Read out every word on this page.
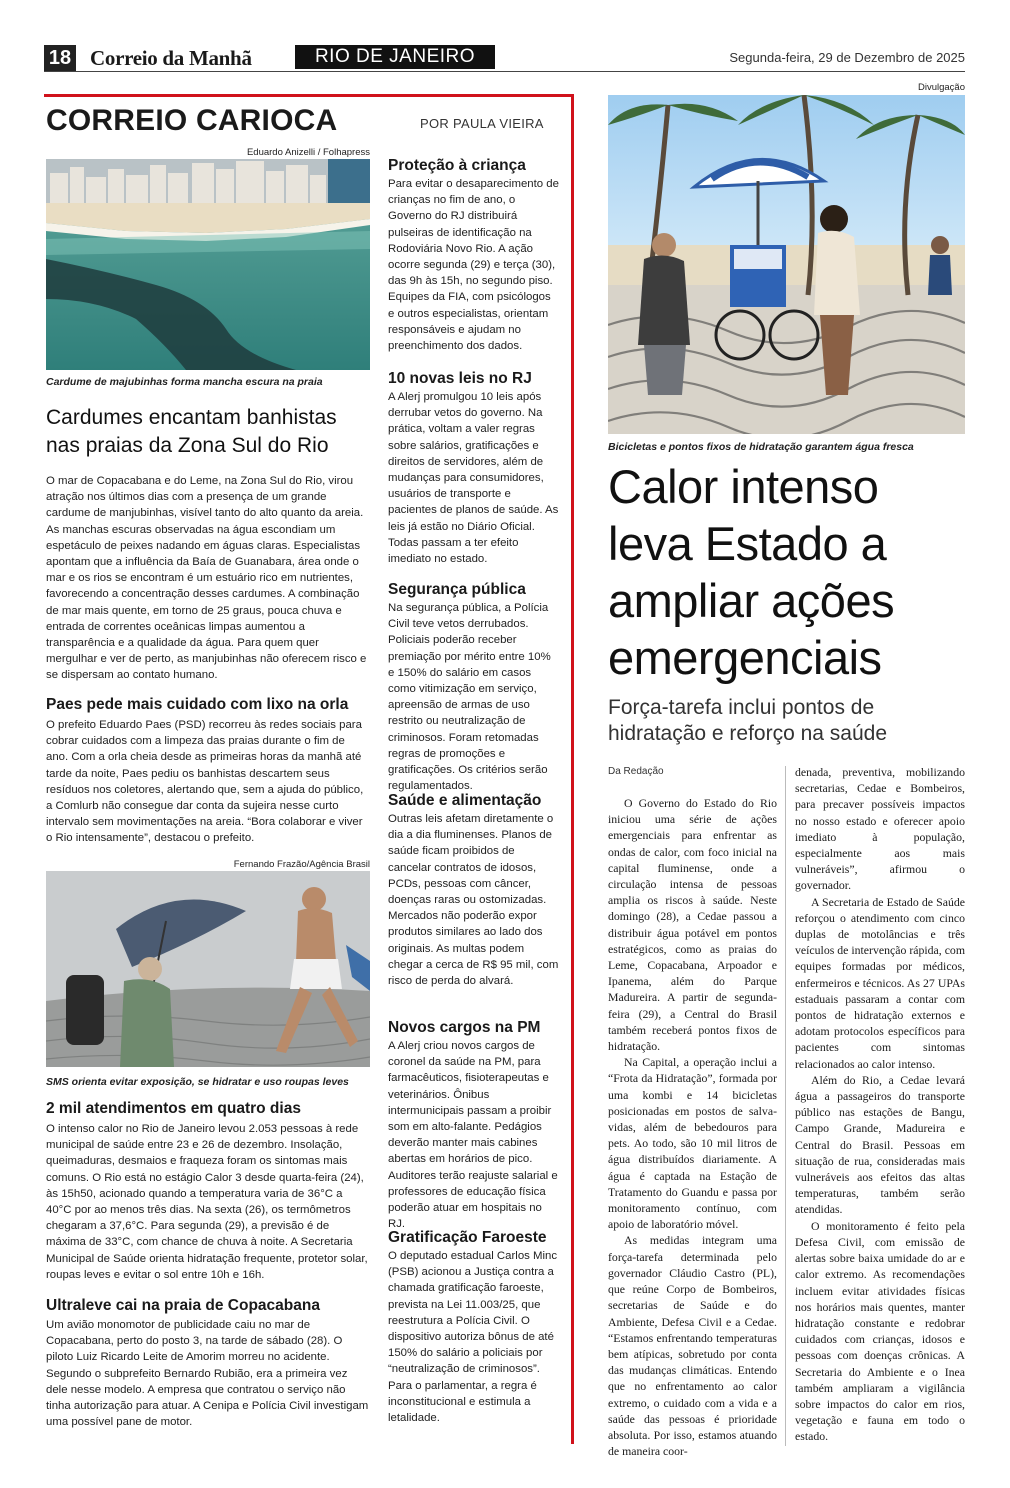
18 Correio da Manhã	RIO DE JANEIRO	Segunda-feira, 29 de Dezembro de 2025
CORREIO CARIOCA	POR PAULA VIEIRA
Eduardo Anizelli / Folhapress
Cardume de majubinhas forma mancha escura na praia
Cardumes encantam banhistas
nas praias da Zona Sul do Rio
O mar de Copacabana e do Leme, na Zona Sul do Rio, virou atração nos últimos dias com a presença de um grande cardume de manjubinhas, visível tanto do alto quanto da areia. As manchas escuras observadas na água escondiam um espetáculo de peixes nadando em águas claras. Especialistas apontam que a influência da Baía de Guanabara, área onde o mar e os rios se encontram é um estuário rico em nutrientes, favorecendo a concentração desses cardumes. A combinação de mar mais quente, em torno de 25 graus, pouca chuva e entrada de correntes oceânicas limpas aumentou a transparência e a qualidade da água. Para quem quer mergulhar e ver de perto, as manjubinhas não oferecem risco e se dispersam ao contato humano.
Paes pede mais cuidado com lixo na orla
O prefeito Eduardo Paes (PSD) recorreu às redes sociais para cobrar cuidados com a limpeza das praias durante o fim de ano. Com a orla cheia desde as primeiras horas da manhã até tarde da noite, Paes pediu os banhistas descartem seus resíduos nos coletores, alertando que, sem a ajuda do público, a Comlurb não consegue dar conta da sujeira nesse curto intervalo sem movimentações na areia. “Bora colaborar e viver o Rio intensamente”, destacou o prefeito.
Fernando Frazão/Agência Brasil
SMS orienta evitar exposição, se hidratar e uso roupas leves
2 mil atendimentos em quatro dias
O intenso calor no Rio de Janeiro levou 2.053 pessoas à rede municipal de saúde entre 23 e 26 de dezembro. Insolação, queimaduras, desmaios e fraqueza foram os sintomas mais comuns. O Rio está no estágio Calor 3 desde quarta-feira (24), às 15h50, acionado quando a temperatura varia de 36°C a 40°C por ao menos três dias. Na sexta (26), os termômetros chegaram a 37,6°C. Para segunda (29), a previsão é de máxima de 33°C, com chance de chuva à noite. A Secretaria Municipal de Saúde orienta hidratação frequente, protetor solar, roupas leves e evitar o sol entre 10h e 16h.
Ultraleve cai na praia de Copacabana
Um avião monomotor de publicidade caiu no mar de Copacabana, perto do posto 3, na tarde de sábado (28). O piloto Luiz Ricardo Leite de Amorim morreu no acidente. Segundo o subprefeito Bernardo Rubião, era a primeira vez dele nesse modelo. A empresa que contratou o serviço não tinha autorização para atuar. A Cenipa e Polícia Civil investigam uma possível pane de motor.
Proteção à criança
Para evitar o desaparecimento de crianças no fim de ano, o Governo do RJ distribuirá pulseiras de identificação na Rodoviária Novo Rio. A ação ocorre segunda (29) e terça (30), das 9h às 15h, no segundo piso. Equipes da FIA, com psicólogos e outros especialistas, orientam responsáveis e ajudam no preenchimento dos dados.
10 novas leis no RJ
A Alerj promulgou 10 leis após derrubar vetos do governo. Na prática, voltam a valer regras sobre salários, gratificações e direitos de servidores, além de mudanças para consumidores, usuários de transporte e pacientes de planos de saúde. As leis já estão no Diário Oficial. Todas passam a ter efeito imediato no estado.
Segurança pública
Na segurança pública, a Polícia Civil teve vetos derrubados. Policiais poderão receber premiação por mérito entre 10% e 150% do salário em casos como vitimização em serviço, apreensão de armas de uso restrito ou neutralização de criminosos. Foram retomadas regras de promoções e gratificações. Os critérios serão regulamentados.
Saúde e alimentação
Outras leis afetam diretamente o dia a dia fluminenses. Planos de saúde ficam proibidos de cancelar contratos de idosos, PCDs, pessoas com câncer, doenças raras ou ostomizadas. Mercados não poderão expor produtos similares ao lado dos originais. As multas podem chegar a cerca de R$ 95 mil, com risco de perda do alvará.
Novos cargos na PM
A Alerj criou novos cargos de coronel da saúde na PM, para farmacêuticos, fisioterapeutas e veterinários. Ônibus intermunicipais passam a proibir som em alto-falante. Pedágios deverão manter mais cabines abertas em horários de pico. Auditores terão reajuste salarial e professores de educação física poderão atuar em hospitais no RJ.
Gratificação Faroeste
O deputado estadual Carlos Minc (PSB) acionou a Justiça contra a chamada gratificação faroeste, prevista na Lei 11.003/25, que reestrutura a Polícia Civil. O dispositivo autoriza bônus de até 150% do salário a policiais por “neutralização de criminosos”. Para o parlamentar, a regra é inconstitucional e estimula a letalidade.
Divulgação
Bicicletas e pontos fixos de hidratação garantem água fresca
Calor intenso leva Estado a ampliar ações emergenciais
Força-tarefa inclui pontos de hidratação e reforço na saúde
Da Redação

O Governo do Estado do Rio iniciou uma série de ações emergenciais para enfrentar as ondas de calor, com foco inicial na capital fluminense, onde a circulação intensa de pessoas amplia os riscos à saúde. Neste domingo (28), a Cedae passou a distribuir água potável em pontos estratégicos, como as praias do Leme, Copacabana, Arpoador e Ipanema, além do Parque Madureira. A partir de segunda-feira (29), a Central do Brasil também receberá pontos fixos de hidratação.

Na Capital, a operação inclui a “Frota da Hidratação”, formada por uma kombi e 14 bicicletas posicionadas em postos de salva-vidas, além de bebedouros para pets. Ao todo, são 10 mil litros de água distribuídos diariamente. A água é captada na Estação de Tratamento do Guandu e passa por monitoramento contínuo, com apoio de laboratório móvel.

As medidas integram uma força-tarefa determinada pelo governador Cláudio Castro (PL), que reúne Corpo de Bombeiros, secretarias de Saúde e do Ambiente, Defesa Civil e a Cedae. “Estamos enfrentando temperaturas bem atípicas, sobretudo por conta das mudanças climáticas. Entendo que no enfrentamento ao calor extremo, o cuidado com a vida e a saúde das pessoas é prioridade absoluta. Por isso, estamos atuando de maneira coor-

denada, preventiva, mobilizando secretarias, Cedae e Bombeiros, para precaver possíveis impactos no nosso estado e oferecer apoio imediato à população, especialmente aos mais vulneráveis”, afirmou o governador.

A Secretaria de Estado de Saúde reforçou o atendimento com cinco duplas de motolâncias e três veículos de intervenção rápida, com equipes formadas por médicos, enfermeiros e técnicos. As 27 UPAs estaduais passaram a contar com pontos de hidratação externos e adotam protocolos específicos para pacientes com sintomas relacionados ao calor intenso.

Além do Rio, a Cedae levará água a passageiros do transporte público nas estações de Bangu, Campo Grande, Madureira e Central do Brasil. Pessoas em situação de rua, consideradas mais vulneráveis aos efeitos das altas temperaturas, também serão atendidas.

O monitoramento é feito pela Defesa Civil, com emissão de alertas sobre baixa umidade do ar e calor extremo. As recomendações incluem evitar atividades físicas nos horários mais quentes, manter hidratação constante e redobrar cuidados com crianças, idosos e pessoas com doenças crônicas. A Secretaria do Ambiente e o Inea também ampliaram a vigilância sobre impactos do calor em rios, vegetação e fauna em todo o estado.
